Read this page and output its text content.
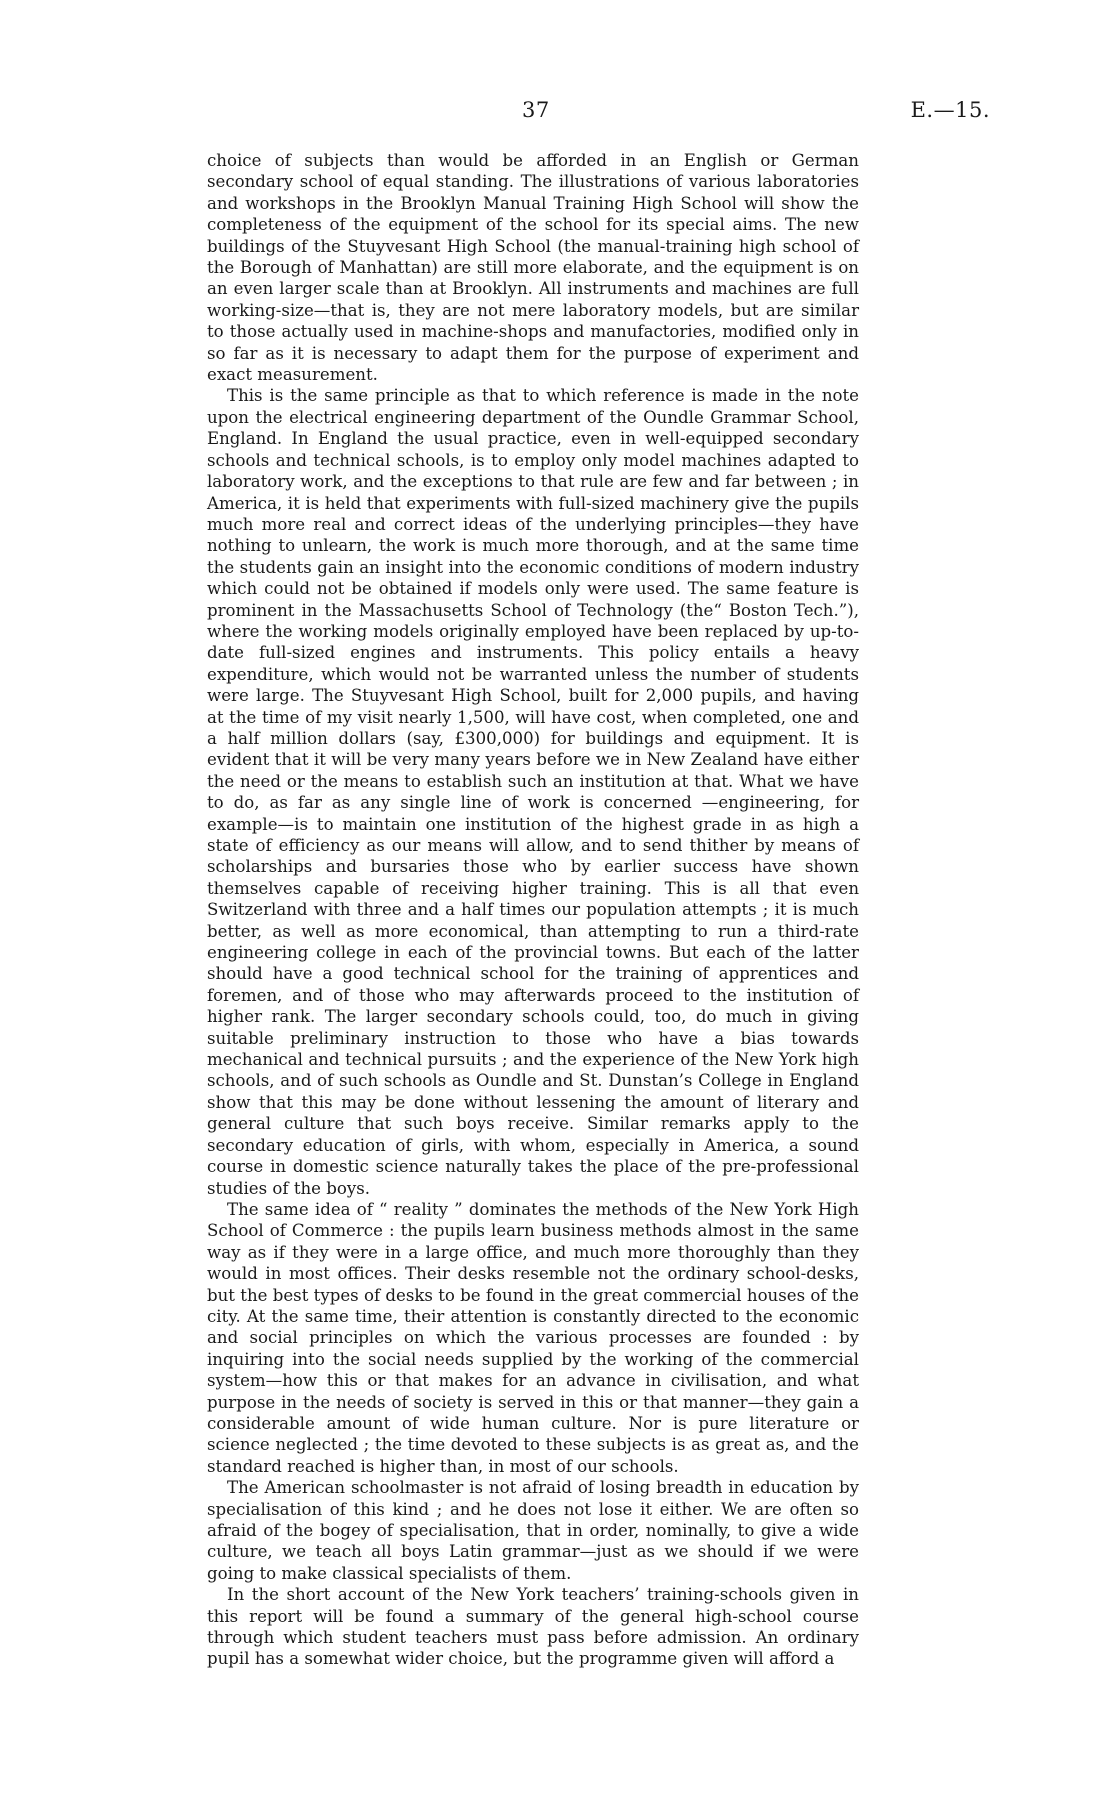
37	E.—15.

choice of subjects than would be afforded in an English or German secondary school of equal standing. The illustrations of various laboratories and workshops in the Brooklyn Manual Training High School will show the completeness of the equipment of the school for its special aims. The new buildings of the Stuyvesant High School (the manual-training high school of the Borough of Manhattan) are still more elaborate, and the equipment is on an even larger scale than at Brooklyn. All instruments and machines are full working-size—that is, they are not mere laboratory models, but are similar to those actually used in machine-shops and manufactories, modified only in so far as it is necessary to adapt them for the purpose of experiment and exact measurement.

This is the same principle as that to which reference is made in the note upon the electrical engineering department of the Oundle Grammar School, England. In England the usual practice, even in well-equipped secondary schools and technical schools, is to employ only model machines adapted to laboratory work, and the exceptions to that rule are few and far between ; in America, it is held that experiments with full-sized machinery give the pupils much more real and correct ideas of the underlying principles—they have nothing to unlearn, the work is much more thorough, and at the same time the students gain an insight into the economic conditions of modern industry which could not be obtained if models only were used. The same feature is prominent in the Massachusetts School of Technology (the“ Boston Tech.”), where the working models originally employed have been replaced by up-to-date full-sized engines and instruments. This policy entails a heavy expenditure, which would not be warranted unless the number of students were large. The Stuyvesant High School, built for 2,000 pupils, and having at the time of my visit nearly 1,500, will have cost, when completed, one and a half million dollars (say, £300,000) for buildings and equipment. It is evident that it will be very many years before we in New Zealand have either the need or the means to establish such an institution at that. What we have to do, as far as any single line of work is concerned —engineering, for example—is to maintain one institution of the highest grade in as high a state of efficiency as our means will allow, and to send thither by means of scholarships and bursaries those who by earlier success have shown themselves capable of receiving higher training. This is all that even Switzerland with three and a half times our population attempts ; it is much better, as well as more economical, than attempting to run a third-rate engineering college in each of the provincial towns. But each of the latter should have a good technical school for the training of apprentices and foremen, and of those who may afterwards proceed to the institution of higher rank. The larger secondary schools could, too, do much in giving suitable preliminary instruction to those who have a bias towards mechanical and technical pursuits ; and the experience of the New York high schools, and of such schools as Oundle and St. Dunstan’s College in England show that this may be done without lessening the amount of literary and general culture that such boys receive. Similar remarks apply to the secondary education of girls, with whom, especially in America, a sound course in domestic science naturally takes the place of the pre-professional studies of the boys.

The same idea of “ reality ” dominates the methods of the New York High School of Commerce : the pupils learn business methods almost in the same way as if they were in a large office, and much more thoroughly than they would in most offices. Their desks resemble not the ordinary school-desks, but the best types of desks to be found in the great commercial houses of the city. At the same time, their attention is constantly directed to the economic and social principles on which the various processes are founded : by inquiring into the social needs supplied by the working of the commercial system—how this or that makes for an advance in civilisation, and what purpose in the needs of society is served in this or that manner—they gain a considerable amount of wide human culture. Nor is pure literature or science neglected ; the time devoted to these subjects is as great as, and the standard reached is higher than, in most of our schools.

The American schoolmaster is not afraid of losing breadth in education by specialisation of this kind ; and he does not lose it either. We are often so afraid of the bogey of specialisation, that in order, nominally, to give a wide culture, we teach all boys Latin grammar—just as we should if we were going to make classical specialists of them.

In the short account of the New York teachers’ training-schools given in this report will be found a summary of the general high-school course through which student teachers must pass before admission. An ordinary pupil has a somewhat wider choice, but the programme given will afford a
